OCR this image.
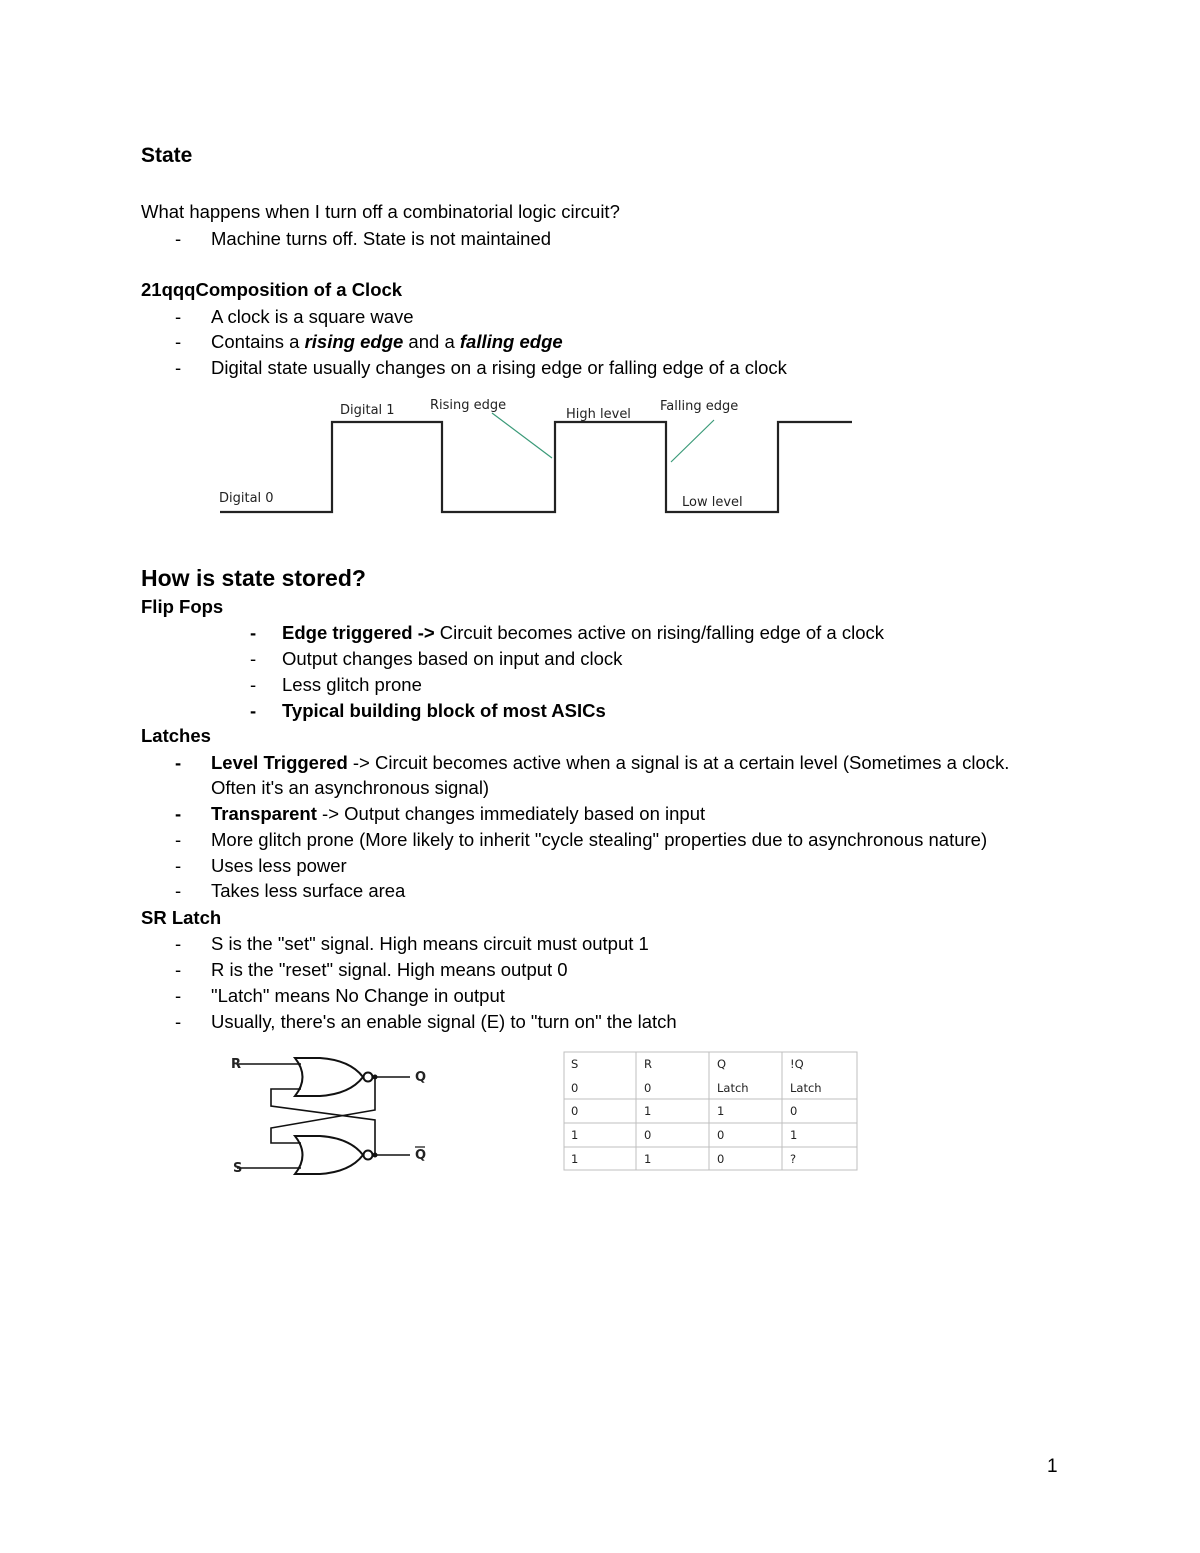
State
What happens when I turn off a combinatorial logic circuit?
- Machine turns off. State is not maintained
21qqqComposition of a Clock
- A clock is a square wave
- Contains a rising edge and a falling edge
- Digital state usually changes on a rising edge or falling edge of a clock
Digital 1	Rising edge
High level
Falling edge
Digital 0	Low level
How is state stored?
Flip Fops
- Edge triggered -> Circuit becomes active on rising/falling edge of a clock
- Output changes based on input and clock
- Less glitch prone
- Typical building block of most ASICs
Latches
- Level Triggered -> Circuit becomes active when a signal is at a certain level (Sometimes a clock.
Often it's an asynchronous signal)
- Transparent -> Output changes immediately based on input
- More glitch prone (More likely to inherit "cycle stealing" properties due to asynchronous nature)
- Uses less power
- Takes less surface area
SR Latch
- S is the "set" signal. High means circuit must output 1
- R is the "reset" signal. High means output 0
- "Latch" means No Change in output
- Usually, there's an enable signal (E) to "turn on" the latch
R
S
Q
Q
S	R	Q	!Q
0	0	Latch	Latch
0	1	1	0
1	0	0	1
1	1	0	?
1
